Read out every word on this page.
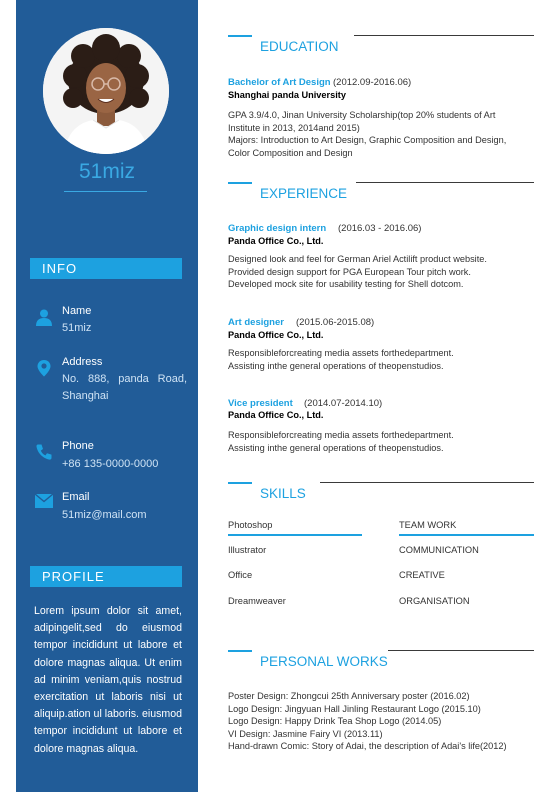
51miz
INFO
Name
51miz
Address
No. 888, panda Road, Shanghai
Phone
+86 135-0000-0000
Email
51miz@mail.com
PROFILE
Lorem ipsum dolor sit amet, adipingelit,sed do eiusmod tempor incididunt ut labore et dolore magnas aliqua. Ut enim ad minim veniam,quis nostrud exercitation ut laboris nisi ut aliquip.ation ul laboris. eiusmod tempor incididunt ut labore et dolore magnas aliqua.
EDUCATION
Bachelor of Art Design (2012.09-2016.06)
Shanghai panda University
GPA 3.9/4.0, Jinan University Scholarship(top 20% students of Art
Institute in 2013, 2014and 2015)
Majors: Introduction to Art Design, Graphic Composition and Design,
Color Composition and Design
EXPERIENCE
Graphic design intern (2016.03 - 2016.06)
Panda Office Co., Ltd.
Designed look and feel for German Ariel Actilift product website.
Provided design support for PGA European Tour pitch work.
Developed mock site for usability testing for Shell dotcom.
Art designer (2015.06-2015.08)
Panda Office Co., Ltd.
Responsibleforcreating media assets forthedepartment.
Assisting inthe general operations of theopenstudios.
Vice president (2014.07-2014.10)
Panda Office Co., Ltd.
Responsibleforcreating media assets forthedepartment.
Assisting inthe general operations of theopenstudios.
SKILLS
Photoshop	TEAM WORK
Illustrator	COMMUNICATION
Office	CREATIVE
Dreamweaver	ORGANISATION
PERSONAL WORKS
Poster Design: Zhongcui 25th Anniversary poster (2016.02)
Logo Design: Jingyuan Hall Jinling Restaurant Logo (2015.10)
Logo Design: Happy Drink Tea Shop Logo (2014.05)
VI Design: Jasmine Fairy VI (2013.11)
Hand-drawn Comic: Story of Adai, the description of Adai's life(2012)
